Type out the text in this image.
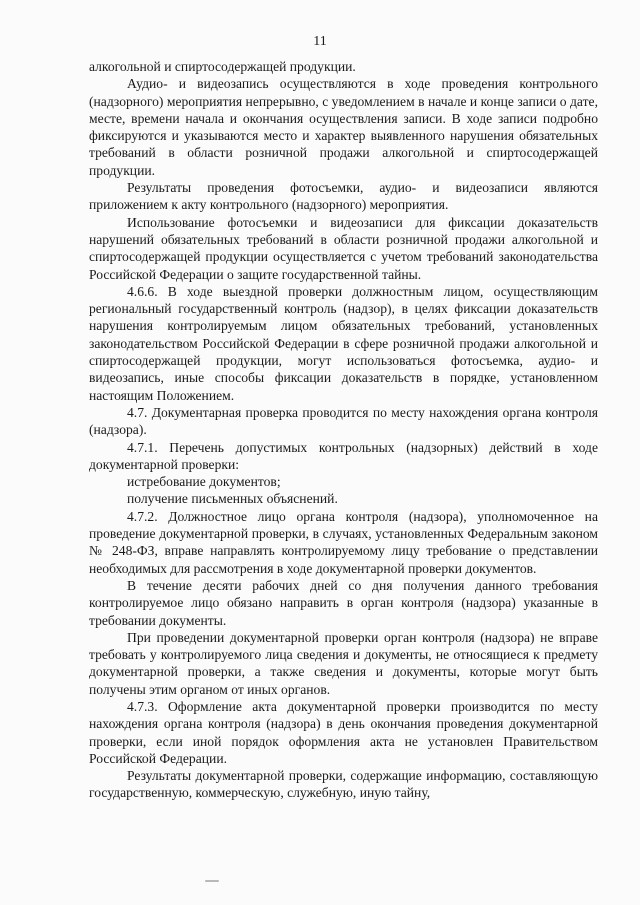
11

алкогольной и спиртосодержащей продукции.

Аудио- и видеозапись осуществляются в ходе проведения контрольного (надзорного) мероприятия непрерывно, с уведомлением в начале и конце записи о дате, месте, времени начала и окончания осуществления записи. В ходе записи подробно фиксируются и указываются место и характер выявленного нарушения обязательных требований в области розничной продажи алкогольной и спиртосодержащей продукции.

Результаты проведения фотосъемки, аудио- и видеозаписи являются приложением к акту контрольного (надзорного) мероприятия.

Использование фотосъемки и видеозаписи для фиксации доказательств нарушений обязательных требований в области розничной продажи алкогольной и спиртосодержащей продукции осуществляется с учетом требований законодательства Российской Федерации о защите государственной тайны.

4.6.6. В ходе выездной проверки должностным лицом, осуществляющим региональный государственный контроль (надзор), в целях фиксации доказательств нарушения контролируемым лицом обязательных требований, установленных законодательством Российской Федерации в сфере розничной продажи алкогольной и спиртосодержащей продукции, могут использоваться фотосъемка, аудио- и видеозапись, иные способы фиксации доказательств в порядке, установленном настоящим Положением.

4.7. Документарная проверка проводится по месту нахождения органа контроля (надзора).

4.7.1. Перечень допустимых контрольных (надзорных) действий в ходе документарной проверки:

истребование документов;

получение письменных объяснений.

4.7.2. Должностное лицо органа контроля (надзора), уполномоченное на проведение документарной проверки, в случаях, установленных Федеральным законом № 248-ФЗ, вправе направлять контролируемому лицу требование о представлении необходимых для рассмотрения в ходе документарной проверки документов.

В течение десяти рабочих дней со дня получения данного требования контролируемое лицо обязано направить в орган контроля (надзора) указанные в требовании документы.

При проведении документарной проверки орган контроля (надзора) не вправе требовать у контролируемого лица сведения и документы, не относящиеся к предмету документарной проверки, а также сведения и документы, которые могут быть получены этим органом от иных органов.

4.7.3. Оформление акта документарной проверки производится по месту нахождения органа контроля (надзора) в день окончания проведения документарной проверки, если иной порядок оформления акта не установлен Правительством Российской Федерации.

Результаты документарной проверки, содержащие информацию, составляющую государственную, коммерческую, служебную, иную тайну,
